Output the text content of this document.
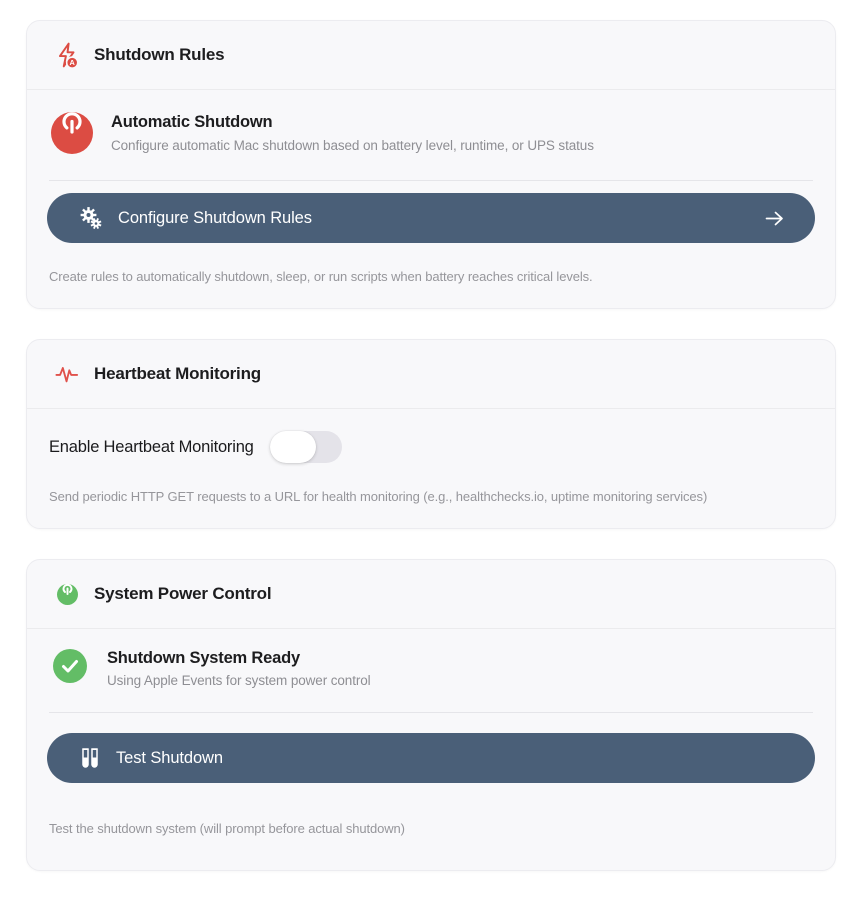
A Shutdown Rules
Automatic Shutdown
Configure automatic Mac shutdown based on battery level, runtime, or UPS status
Configure Shutdown Rules
Create rules to automatically shutdown, sleep, or run scripts when battery reaches critical levels.
Heartbeat Monitoring
Enable Heartbeat Monitoring
Send periodic HTTP GET requests to a URL for health monitoring (e.g., healthchecks.io, uptime monitoring services)
System Power Control
Shutdown System Ready
Using Apple Events for system power control
Test Shutdown
Test the shutdown system (will prompt before actual shutdown)
